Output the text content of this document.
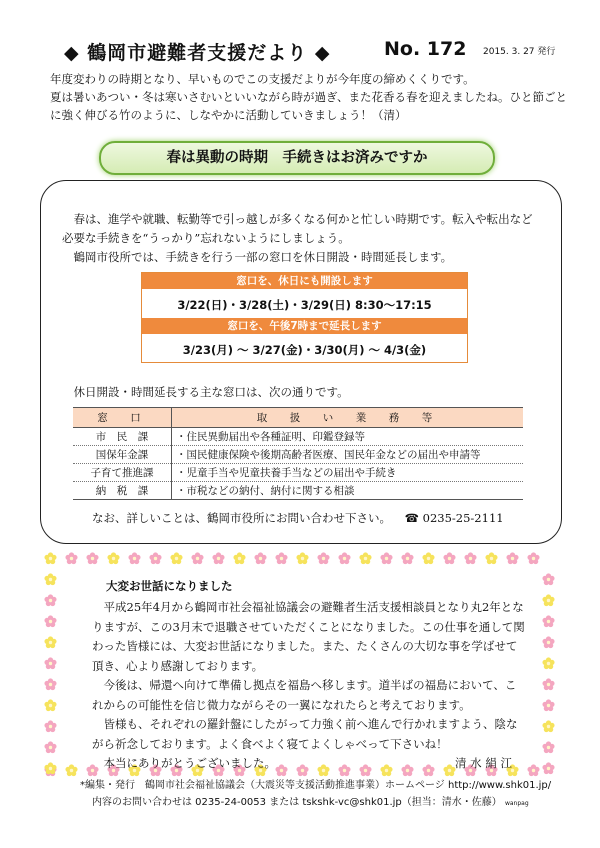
◆ 鶴岡市避難者支援だより ◆	No. 172 2015. 3. 27 発行

年度変わりの時期となり、早いものでこの支援だよりが今年度の締めくくりです。

夏は暑いあつい・冬は寒いさむいといいながら時が過ぎ、また花香る春を迎えましたね。ひと節ごとに強く伸びる竹のように、しなやかに活動していきましょう！（清）

春は異動の時期　手続きはお済みですか

　春は、進学や就職、転勤等で引っ越しが多くなる何かと忙しい時期です。転入や転出など必要な手続きを“うっかり”忘れないようにしましょう。

　鶴岡市役所では、手続きを行う一部の窓口を休日開設・時間延長します。

窓口を、休日にも開設します
3/22(日)・3/28(土)・3/29(日) 8:30〜17:15
窓口を、午後7時まで延長します
3/23(月) 〜 3/27(金)・3/30(月) 〜 4/3(金)

　休日開設・時間延長する主な窓口は、次の通りです。

窓　口	取　扱　い　業　務　等
市　民　課	・住民異動届出や各種証明、印鑑登録等
国保年金課	・国民健康保険や後期高齢者医療、国民年金などの届出や申請等
子育て推進課	・児童手当や児童扶養手当などの届出や手続き
納　税　課	・市税などの納付、納付に関する相談
なお、詳しいことは、鶴岡市役所にお問い合わせ下さい。 ☎ 0235-25-2111
大変お世話になりました

平成25年4月から鶴岡市社会福祉協議会の避難者生活支援相談員となり丸2年となりますが、この3月末で退職させていただくことになりました。この仕事を通して関わった皆様には、大変お世話になりました。また、たくさんの大切な事を学ばせて頂き、心より感謝しております。

今後は、帰還へ向けて準備し拠点を福島へ移します。道半ばの福島において、これからの可能性を信じ微力ながらその一翼になれたらと考えております。

皆様も、それぞれの羅針盤にしたがって力強く前へ進んで行かれますよう、陰ながら祈念しております。よく食べよく寝てよくしゃべって下さいね！

本当にありがとうございました。	清 水 絹 江

*編集・発行　鶴岡市社会福祉協議会（大震災等支援活動推進事業）ホームページ http://www.shk01.jp/
内容のお問い合わせは 0235-24-0053 または tskshk-vc@shk01.jp（担当：清水・佐藤） wanpag
